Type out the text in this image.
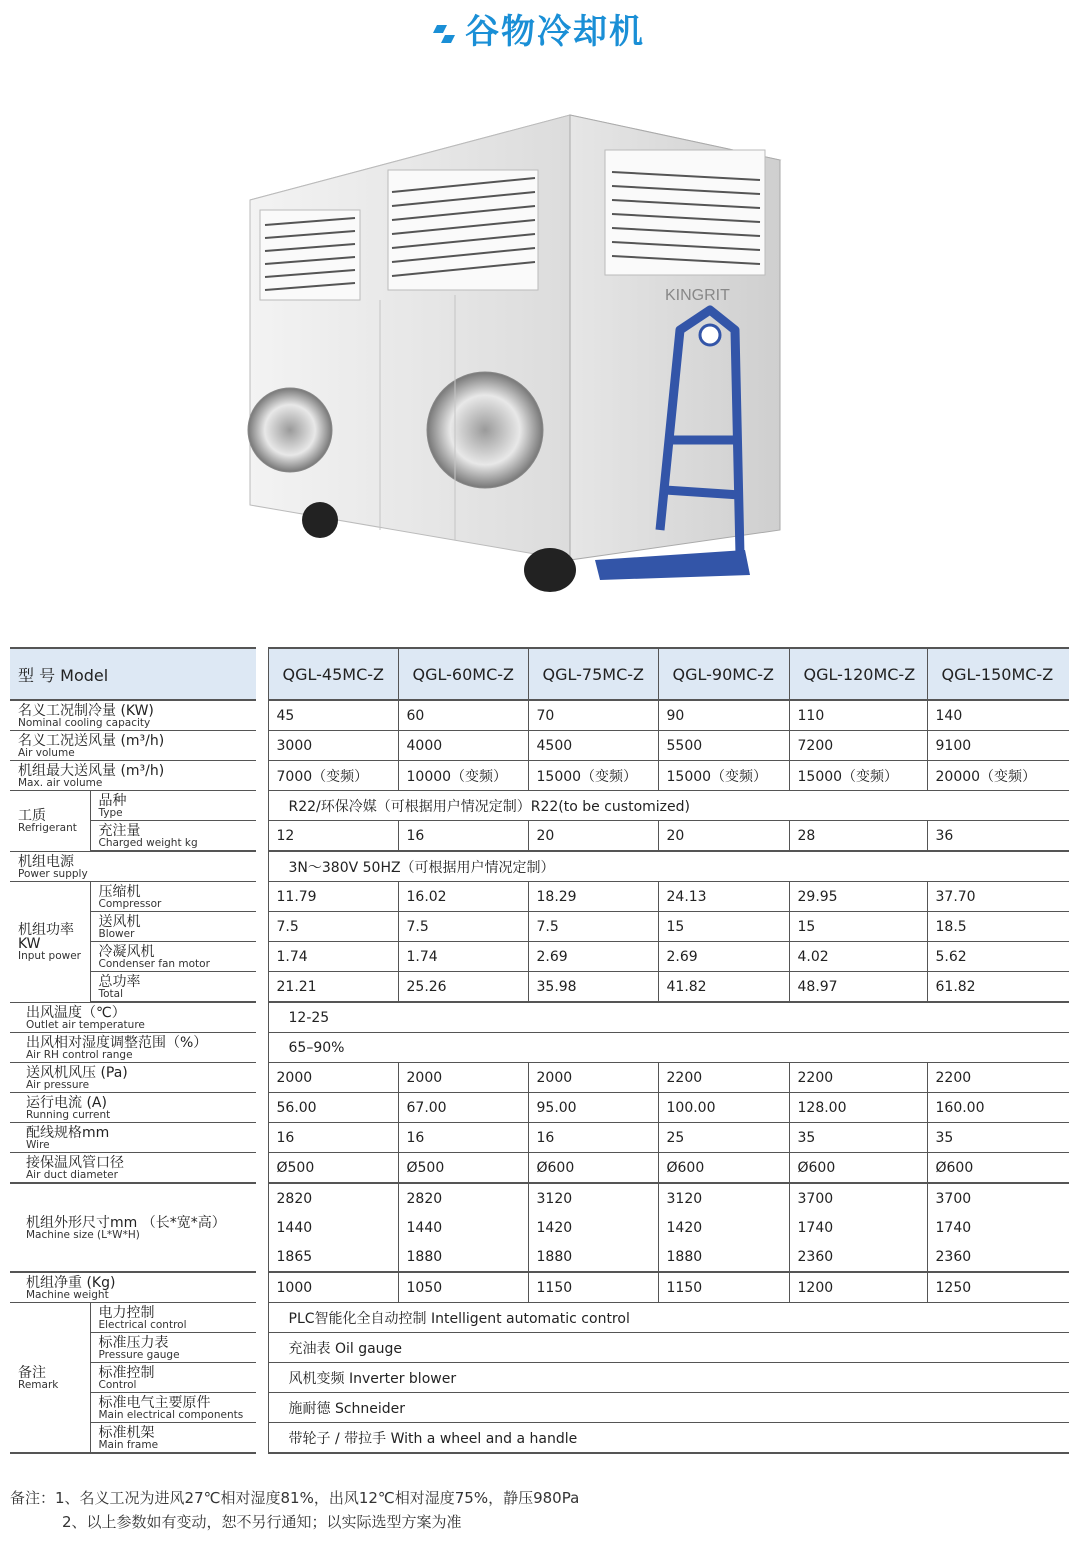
谷物冷却机
KINGRIT
型 号 Model			QGL-45MC-Z	QGL-60MC-Z	QGL-75MC-Z	QGL-90MC-Z	QGL-120MC-Z	QGL-150MC-Z

名义工况制冷量 (KW)
Nominal cooling capacity			45	60	70	90	110	140

名义工况送风量 (m³/h)
Air volume			3000	4000	4500	5500	7200	9100

机组最大送风量 (m³/h)
Max. air volume			7000（变频）	10000（变频）	15000（变频）	15000（变频）	15000（变频）	20000（变频）

工质
Refrigerant	品种
Type		R22/环保冷媒（可根据用户情况定制）R22(to be customized)					

	充注量
Charged weight kg		12	16	20	20	28	36

机组电源
Power supply			3N～380V 50HZ（可根据用户情况定制）					

机组功率
KW
Input power	压缩机
Compressor		11.79	16.02	18.29	24.13	29.95	37.70

	送风机
Blower		7.5	7.5	7.5	15	15	18.5

	冷凝风机
Condenser fan motor		1.74	1.74	2.69	2.69	4.02	5.62

	总功率
Total		21.21	25.26	35.98	41.82	48.97	61.82

出风温度（℃）
Outlet air temperature			12-25					

出风相对湿度调整范围（%）
Air RH control range			65–90%					

送风机风压 (Pa)
Air pressure			2000	2000	2000	2200	2200	2200

运行电流 (A)
Running current			56.00	67.00	95.00	100.00	128.00	160.00

配线规格mm
Wire			16	16	16	25	35	35

接保温风管口径
Air duct diameter			Ø500	Ø500	Ø600	Ø600	Ø600	Ø600

机组外形尺寸mm （长*宽*高）
Machine size (L*W*H)			2820	2820	3120	3120	3700	3700
			1440	1440	1420	1420	1740	1740
			1865	1880	1880	1880	2360	2360

机组净重 (Kg)
Machine weight			1000	1050	1150	1150	1200	1250

备注
Remark	电力控制
Electrical control		PLC智能化全自动控制 Intelligent automatic control					

	标准压力表
Pressure gauge		充油表 Oil gauge					

	标准控制
Control		风机变频 Inverter blower					

	标准电气主要原件
Main electrical components		施耐德 Schneider					

	标准机架
Main frame		带轮子 / 带拉手 With a wheel and a handle					
备注：1、名义工况为进风27℃相对湿度81%，出风12℃相对湿度75%，静压980Pa
2、以上参数如有变动，恕不另行通知；以实际选型方案为准
